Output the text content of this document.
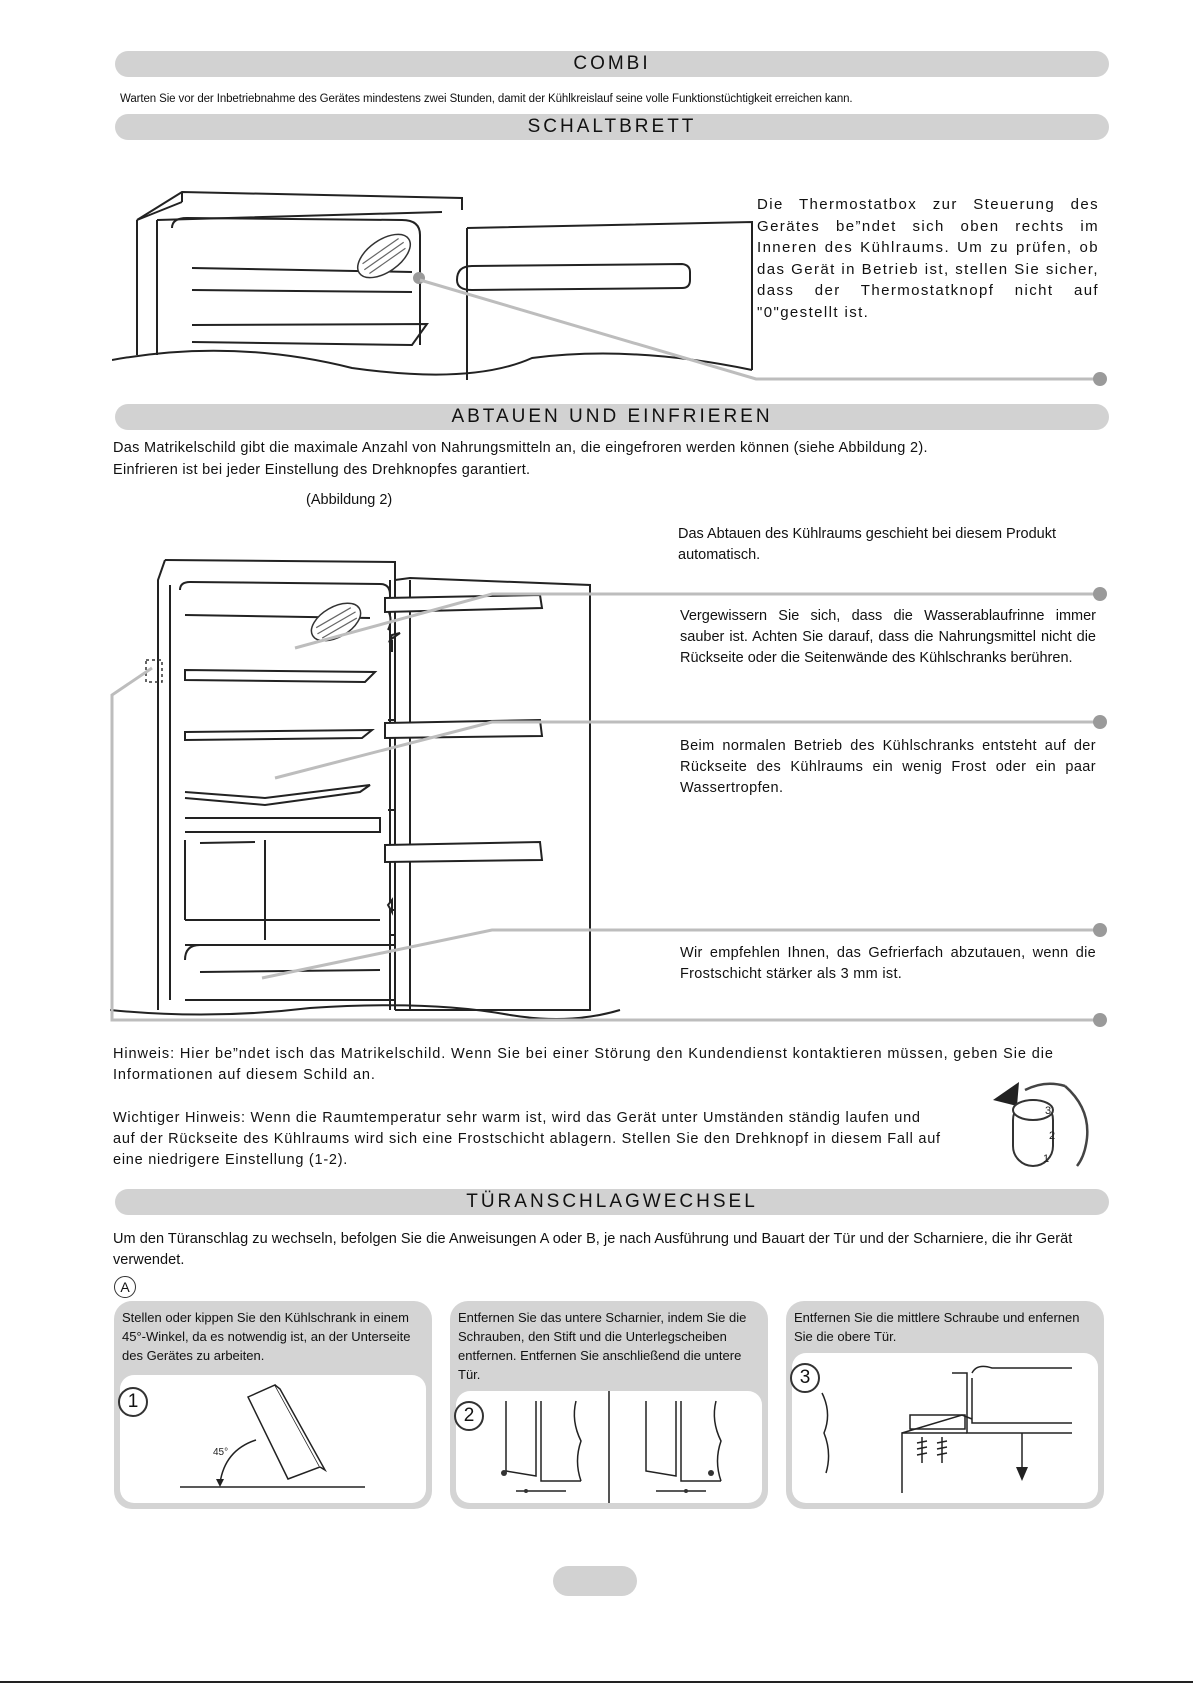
COMBI
Warten Sie vor der Inbetriebnahme des Gerätes mindestens zwei Stunden, damit der Kühlkreislauf seine volle Funktionstüchtigkeit erreichen kann.
SCHALTBRETT
Die Thermostatbox zur Steuerung des Gerätes be”ndet sich oben rechts im Inneren des Kühlraums. Um zu prüfen, ob das Gerät in Betrieb ist, stellen Sie sicher, dass der Thermostatknopf nicht auf "0"gestellt ist.
ABTAUEN UND EINFRIEREN
Das Matrikelschild gibt die maximale Anzahl von Nahrungsmitteln an, die eingefroren werden können (siehe Abbildung 2).
Einfrieren ist bei jeder Einstellung des Drehknopfes garantiert.
(Abbildung 2)
Das Abtauen des Kühlraums geschieht bei diesem Produkt automatisch.
Vergewissern Sie sich, dass die Wasserablaufrinne immer sauber ist. Achten Sie darauf, dass die Nahrungsmittel nicht die Rückseite oder die Seitenwände des Kühlschranks berühren.
Beim normalen Betrieb des Kühlschranks entsteht auf der Rückseite des Kühlraums ein wenig Frost oder ein paar Wassertropfen.
Wir empfehlen Ihnen, das Gefrierfach abzutauen, wenn die Frostschicht stärker als 3 mm ist.
Hinweis: Hier be”ndet isch das Matrikelschild. Wenn Sie bei einer Störung den Kundendienst kontaktieren müssen, geben Sie die Informationen auf diesem Schild an.
Wichtiger Hinweis: Wenn die Raumtemperatur sehr warm ist, wird das Gerät unter Umständen ständig laufen und auf der Rückseite des Kühlraums wird sich eine Frostschicht ablagern. Stellen Sie den Drehknopf in diesem Fall auf eine niedrigere Einstellung (1-2).
3
2
1
TÜRANSCHLAGWECHSEL
Um den Türanschlag zu wechseln, befolgen Sie die Anweisungen A oder B, je nach Ausführung und Bauart der Tür und der Scharniere, die ihr Gerät verwendet.
A
Stellen oder kippen Sie den Kühlschrank in einem 45°-Winkel, da es notwendig ist, an der Unterseite des Gerätes zu arbeiten.
45°
1
Entfernen Sie das untere Scharnier, indem Sie die Schrauben, den Stift und die Unterlegscheiben entfernen. Entfernen Sie anschließend die untere Tür.
2
Entfernen Sie die mittlere Schraube und enfernen Sie die obere Tür.
3
